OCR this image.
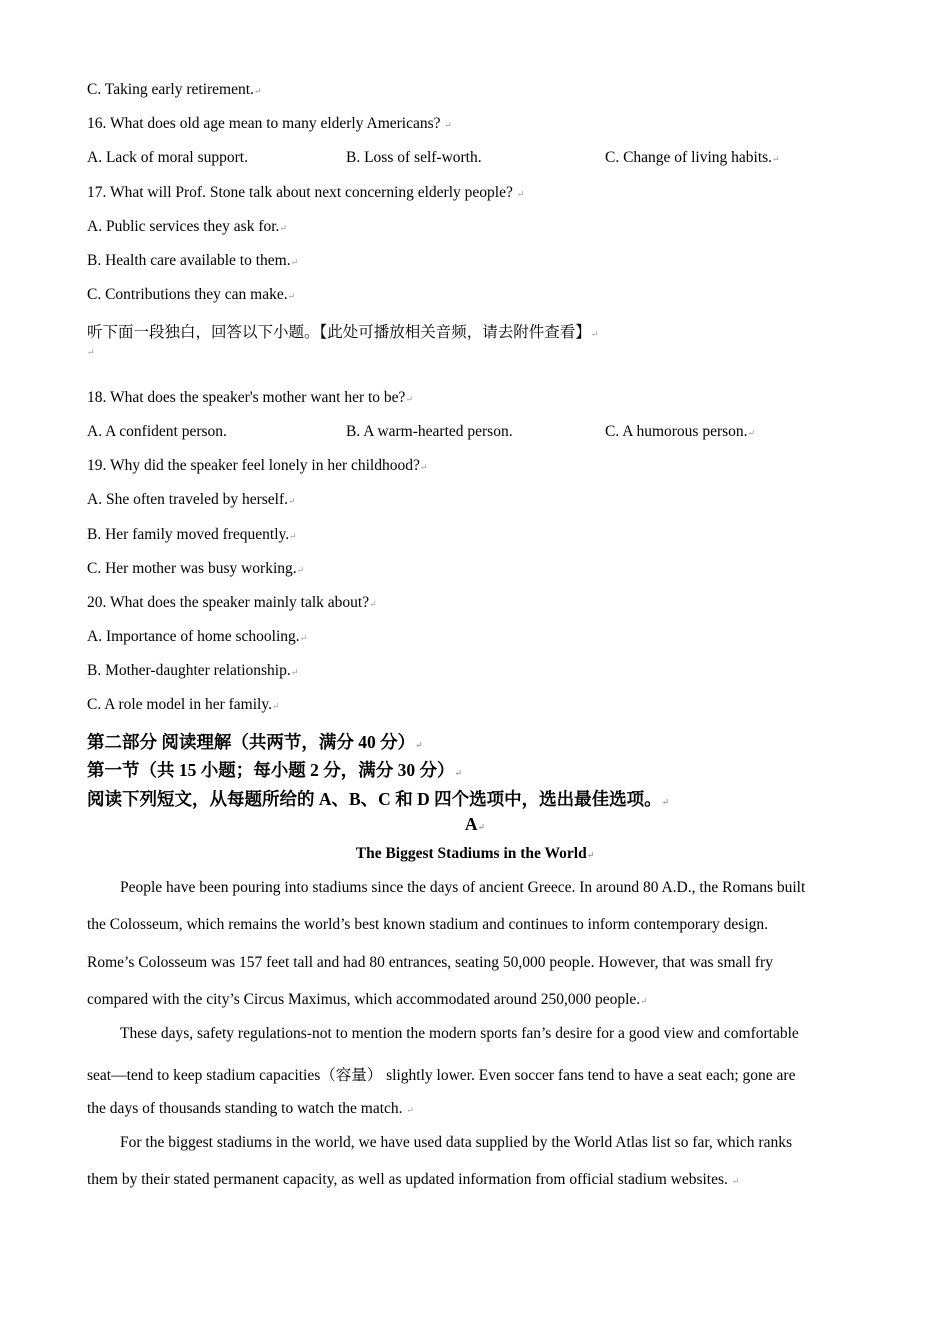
C. Taking early retirement.↵
16. What does old age mean to many elderly Americans? ↵
A. Lack of moral support.	B. Loss of self-worth.	C. Change of living habits.↵
17. What will Prof. Stone talk about next concerning elderly people? ↵
A. Public services they ask for.↵
B. Health care available to them.↵
C. Contributions they can make.↵
听下面一段独白，回答以下小题。【此处可播放相关音频，请去附件查看】↵
↵
18. What does the speaker's mother want her to be?↵
A. A confident person.	B. A warm-hearted person.	C. A humorous person.↵
19. Why did the speaker feel lonely in her childhood?↵
A. She often traveled by herself.↵
B. Her family moved frequently.↵
C. Her mother was busy working.↵
20. What does the speaker mainly talk about?↵
A. Importance of home schooling.↵
B. Mother-daughter relationship.↵
C. A role model in her family.↵
第二部分 阅读理解（共两节，满分 40 分）↵
第一节（共 15 小题；每小题 2 分，满分 30 分）↵
阅读下列短文，从每题所给的 A、B、C 和 D 四个选项中，选出最佳选项。↵
A↵
The Biggest Stadiums in the World↵
People have been pouring into stadiums since the days of ancient Greece. In around 80 A.D., the Romans built
the Colosseum, which remains the world’s best known stadium and continues to inform contemporary design.
Rome’s Colosseum was 157 feet tall and had 80 entrances, seating 50,000 people. However, that was small fry
compared with the city’s Circus Maximus, which accommodated around 250,000 people.↵
These days, safety regulations-not to mention the modern sports fan’s desire for a good view and comfortable
seat—tend to keep stadium capacities（容量） slightly lower. Even soccer fans tend to have a seat each; gone are
the days of thousands standing to watch the match. ↵
For the biggest stadiums in the world, we have used data supplied by the World Atlas list so far, which ranks
them by their stated permanent capacity, as well as updated information from official stadium websites. ↵
